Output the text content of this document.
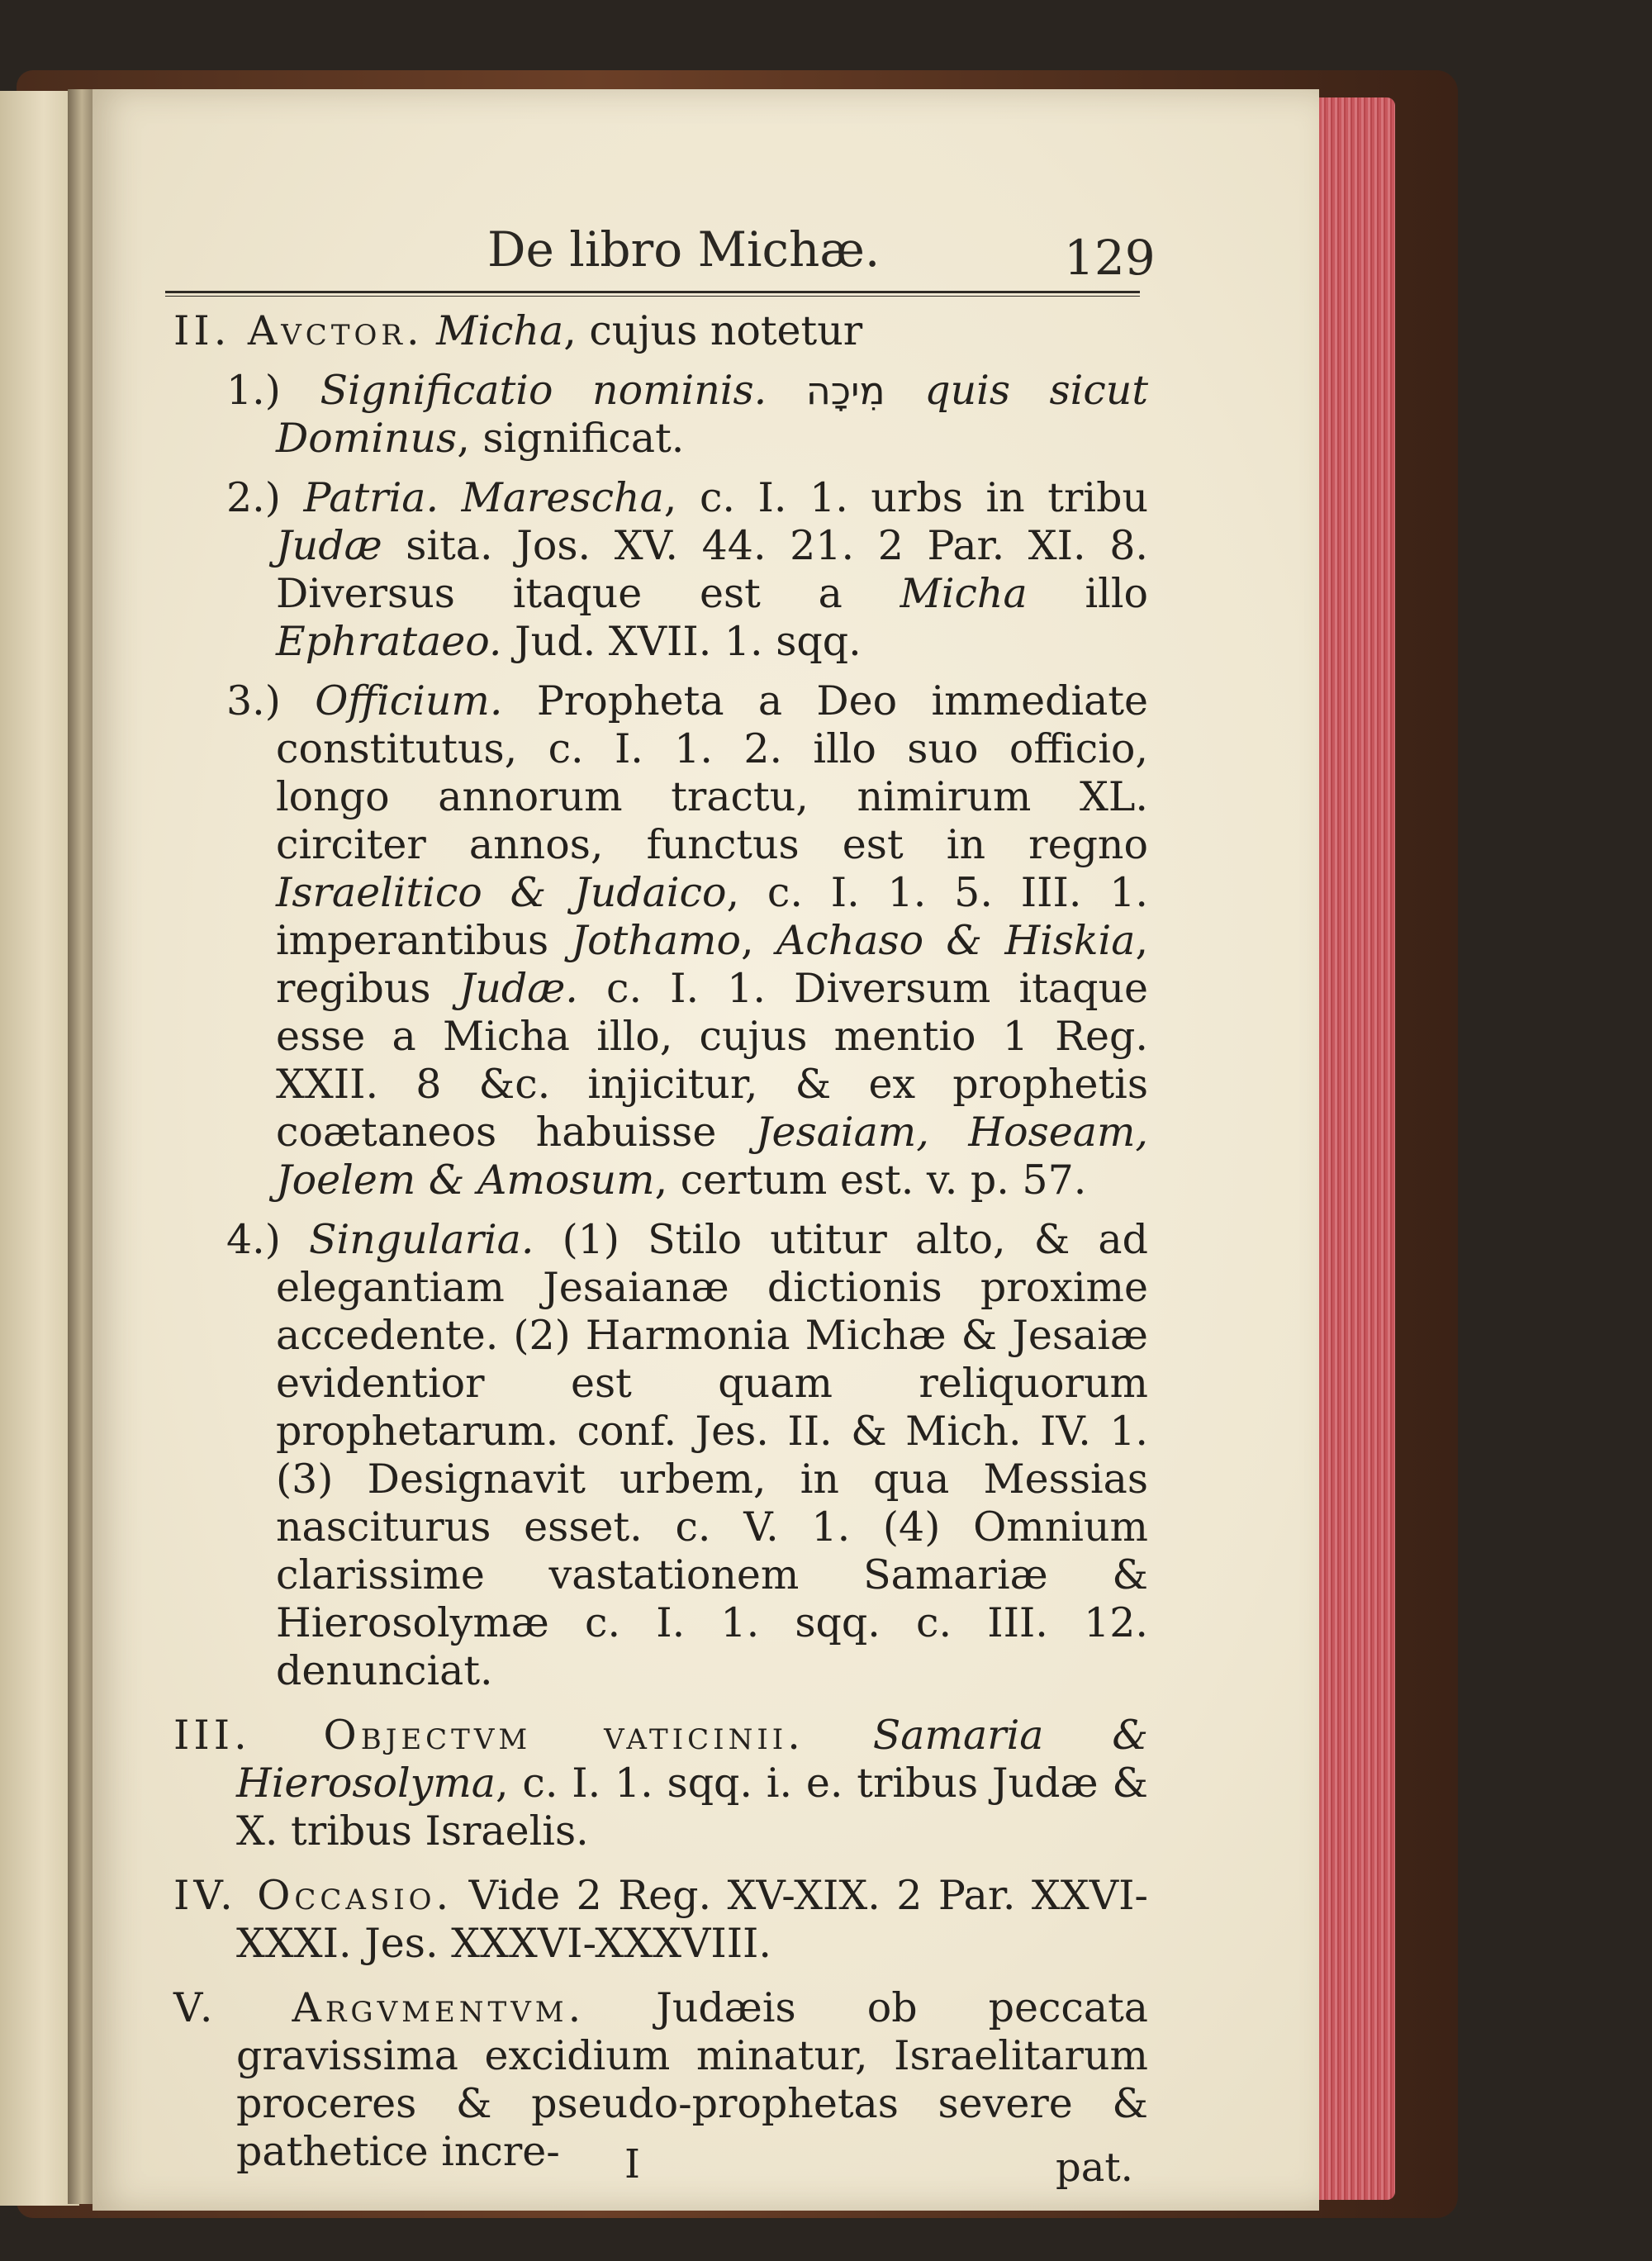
De libro Michæ.	129

II. Avctor. Micha, cujus notetur

1.) Significatio nominis. מִיכָה quis sicut Dominus, significat.

2.) Patria. Marescha, c. I. 1. urbs in tribu Judæ sita. Jos. XV. 44. 21. 2 Par. XI. 8. Diversus itaque est a Micha illo Ephrataeo. Jud. XVII. 1. sqq.

3.) Officium. Propheta a Deo immediate constitutus, c. I. 1. 2. illo suo officio, longo annorum tractu, nimirum XL. circiter annos, functus est in regno Israelitico & Judaico, c. I. 1. 5. III. 1. imperantibus Jothamo, Achaso & Hiskia, regibus Judæ. c. I. 1. Diversum itaque esse a Micha illo, cujus mentio 1 Reg. XXII. 8 &c. injicitur, & ex prophetis coætaneos habuisse Jesaiam, Hoseam, Joelem & Amosum, certum est. v. p. 57.

4.) Singularia. (1) Stilo utitur alto, & ad elegantiam Jesaianæ dictionis proxime accedente. (2) Harmonia Michæ & Jesaiæ evidentior est quam reliquorum prophetarum. conf. Jes. II. & Mich. IV. 1. (3) Designavit urbem, in qua Messias nasciturus esset. c. V. 1. (4) Omnium clarissime vastationem Samariæ & Hierosolymæ c. I. 1. sqq. c. III. 12. denunciat.

III. Objectvm vaticinii. Samaria & Hierosolyma, c. I. 1. sqq. i. e. tribus Judæ & X. tribus Israelis.

IV. Occasio. Vide 2 Reg. XV-XIX. 2 Par. XXVI-XXXI. Jes. XXXVI-XXXVIII.

V. Argvmentvm. Judæis ob peccata gravissima excidium minatur, Israelitarum proceres & pseudo-prophetas severe & pathetice incre-	I	pat.
